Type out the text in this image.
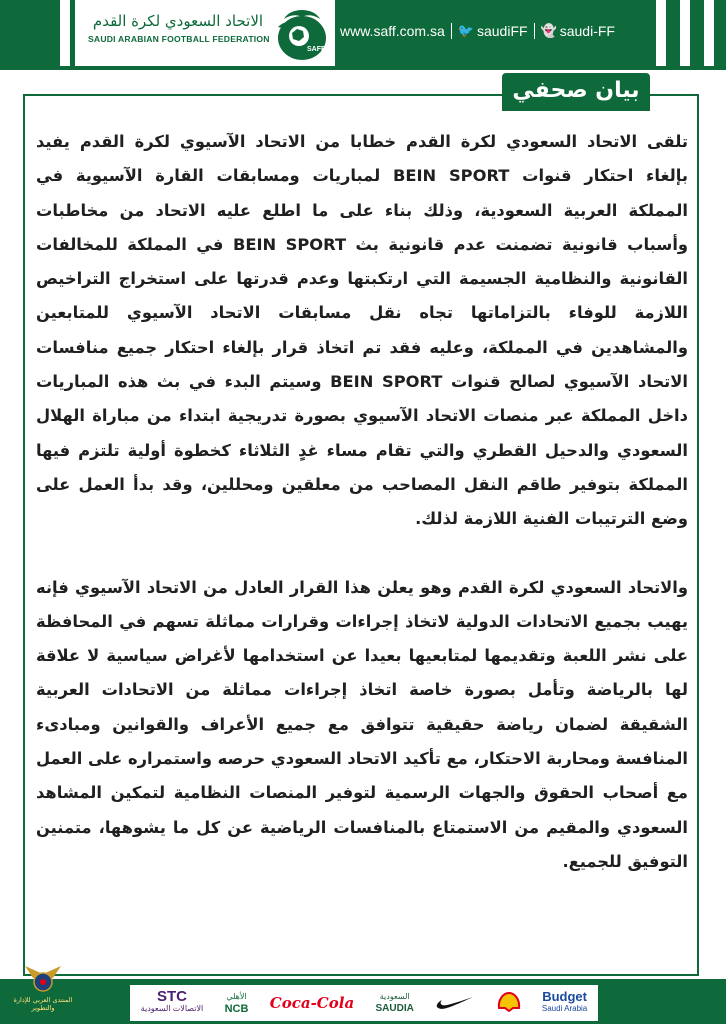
الاتحاد السعودي لكرة القدم
SAUDI ARABIAN FOOTBALL FEDERATION
SAFF
www.saff.com.sa 🐦 saudiFF 👻 saudi-FF
بيان صحفي

تلقى الاتحاد السعودي لكرة القدم خطابا من الاتحاد الآسيوي لكرة القدم يفيد بإلغاء احتكار قنوات BEIN SPORT لمباريات ومسابقات القارة الآسيوية في المملكة العربية السعودية، وذلك بناء على ما اطلع عليه الاتحاد من مخاطبات وأسباب قانونية تضمنت عدم قانونية بث BEIN SPORT في المملكة للمخالفات القانونية والنظامية الجسيمة التي ارتكبتها وعدم قدرتها على استخراج التراخيص اللازمة للوفاء بالتزاماتها تجاه نقل مسابقات الاتحاد الآسيوي للمتابعين والمشاهدين في المملكة، وعليه فقد تم اتخاذ قرار بإلغاء احتكار جميع منافسات الاتحاد الآسيوي لصالح قنوات BEIN SPORT وسيتم البدء في بث هذه المباريات داخل المملكة عبر منصات الاتحاد الآسيوي بصورة تدريجية ابتداء من مباراة الهلال السعودي والدحيل القطري والتي تقام مساء غدٍ الثلاثاء كخطوة أولية تلتزم فيها المملكة بتوفير طاقم النقل المصاحب من معلقين ومحللين، وقد بدأ العمل على وضع الترتيبات الفنية اللازمة لذلك.

والاتحاد السعودي لكرة القدم وهو يعلن هذا القرار العادل من الاتحاد الآسيوي فإنه يهيب بجميع الاتحادات الدولية لاتخاذ إجراءات وقرارات مماثلة تسهم في المحافظة على نشر اللعبة وتقديمها لمتابعيها بعيدا عن استخدامها لأغراض سياسية لا علاقة لها بالرياضة وتأمل بصورة خاصة اتخاذ إجراءات مماثلة من الاتحادات العربية الشقيقة لضمان رياضة حقيقية تتوافق مع جميع الأعراف والقوانين ومبادىء المنافسة ومحاربة الاحتكار، مع تأكيد الاتحاد السعودي حرصه واستمراره على العمل مع أصحاب الحقوق والجهات الرسمية لتوفير المنصات النظامية لتمكين المشاهد السعودي والمقيم من الاستمتاع بالمنافسات الرياضية عن كل ما يشوهها، متمنين التوفيق للجميع.

STC
الاتصالات السعودية
الأهلي
NCB Coca-Cola	السعودية
SAUDIA
Budget
Saudi Arabia
المنتدى العربي للإدارة والتطوير
